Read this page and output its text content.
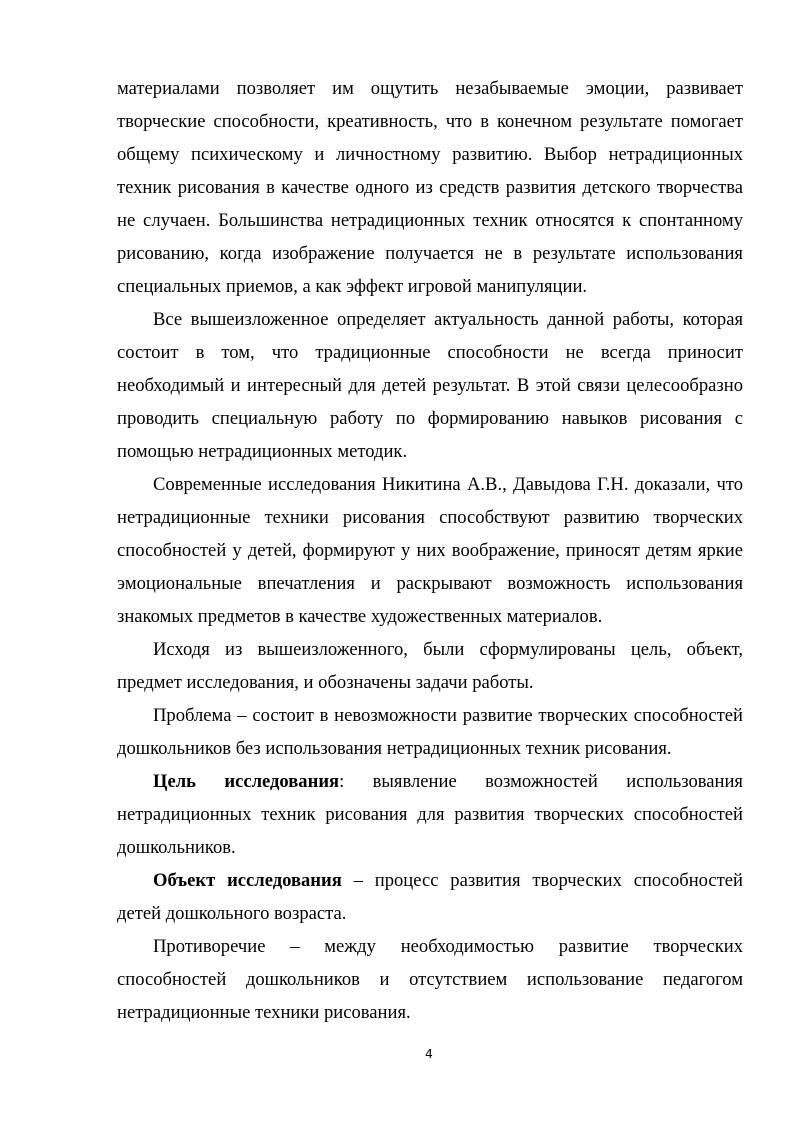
материалами позволяет им ощутить незабываемые эмоции, развивает творческие способности, креативность, что в конечном результате помогает общему психическому и личностному развитию. Выбор нетрадиционных техник рисования в качестве одного из средств развития детского творчества не случаен. Большинства нетрадиционных техник относятся к спонтанному рисованию, когда изображение получается не в результате использования специальных приемов, а как эффект игровой манипуляции.

Все вышеизложенное определяет актуальность данной работы, которая состоит в том, что традиционные способности не всегда приносит необходимый и интересный для детей результат. В этой связи целесообразно проводить специальную работу по формированию навыков рисования с помощью нетрадиционных методик.

Современные исследования Никитина А.В., Давыдова Г.Н. доказали, что нетрадиционные техники рисования способствуют развитию творческих способностей у детей, формируют у них воображение, приносят детям яркие эмоциональные впечатления и раскрывают возможность использования знакомых предметов в качестве художественных материалов.

Исходя из вышеизложенного, были сформулированы цель, объект, предмет исследования, и обозначены задачи работы.

Проблема – состоит в невозможности развитие творческих способностей дошкольников без использования нетрадиционных техник рисования.

Цель исследования: выявление возможностей использования нетрадиционных техник рисования для развития творческих способностей дошкольников.

Объект исследования – процесс развития творческих способностей детей дошкольного возраста.

Противоречие – между необходимостью развитие творческих способностей дошкольников и отсутствием использование педагогом нетрадиционные техники рисования.

4
